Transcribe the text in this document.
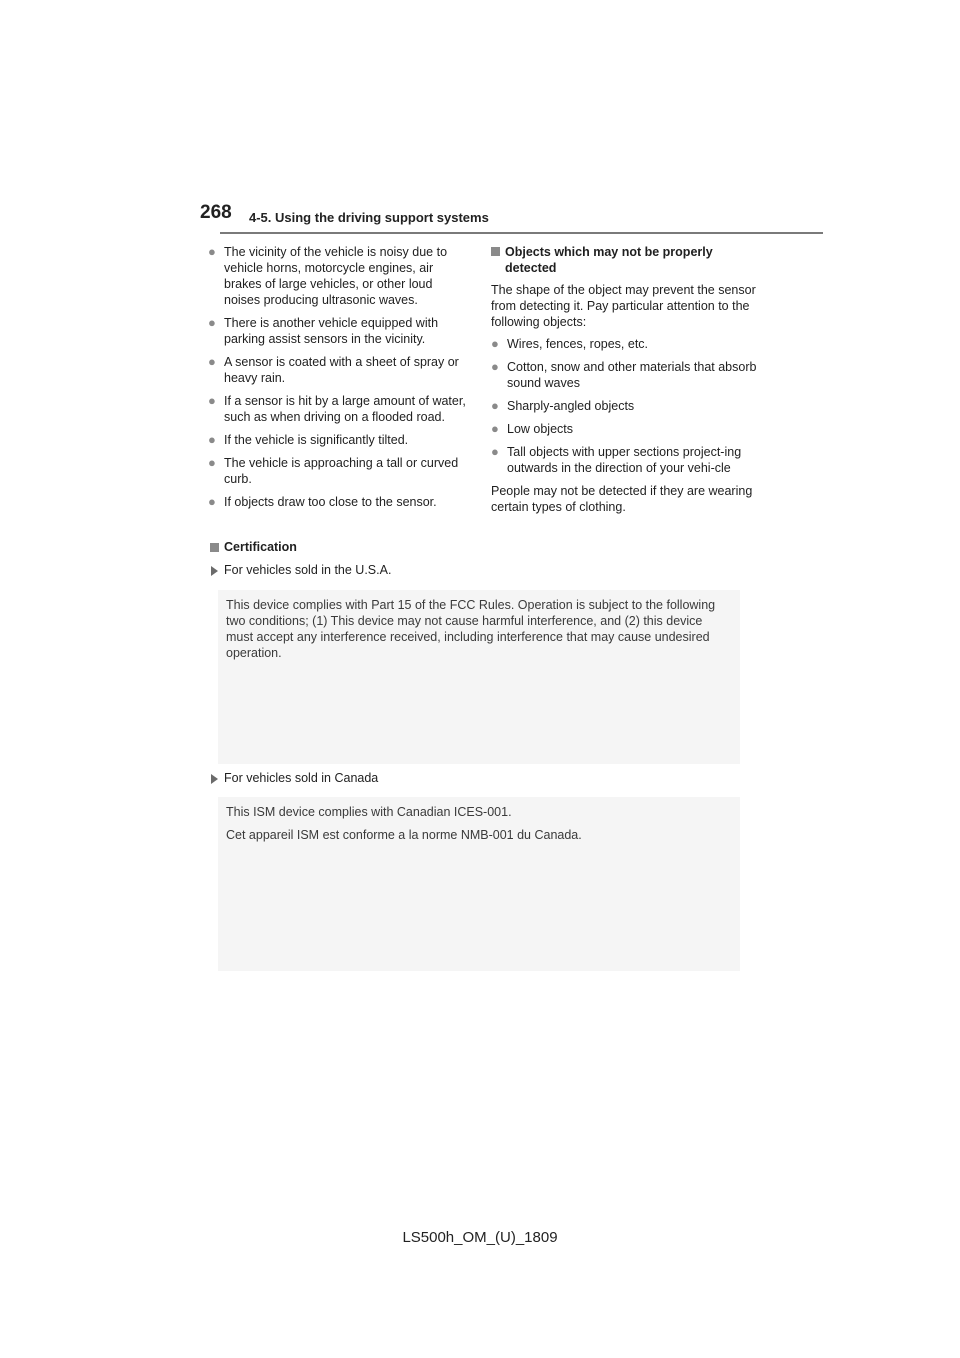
268 4-5. Using the driving support systems
● The vicinity of the vehicle is noisy due to vehicle horns, motorcycle engines, air brakes of large vehicles, or other loud noises producing ultrasonic waves.
● There is another vehicle equipped with parking assist sensors in the vicinity.
● A sensor is coated with a sheet of spray or heavy rain.
● If a sensor is hit by a large amount of water, such as when driving on a flooded road.
● If the vehicle is significantly tilted.
● The vehicle is approaching a tall or curved curb.
● If objects draw too close to the sensor.
Objects which may not be properly detected
The shape of the object may prevent the sensor from detecting it. Pay particular attention to the following objects:
● Wires, fences, ropes, etc.
● Cotton, snow and other materials that absorb sound waves
● Sharply-angled objects
● Low objects
● Tall objects with upper sections project-ing outwards in the direction of your vehi-cle
People may not be detected if they are wearing certain types of clothing.
Certification
For vehicles sold in the U.S.A.
This device complies with Part 15 of the FCC Rules. Operation is subject to the following two conditions; (1) This device may not cause harmful interference, and (2) this device must accept any interference received, including interference that may cause undesired operation.
For vehicles sold in Canada
This ISM device complies with Canadian ICES-001.
Cet appareil ISM est conforme a la norme NMB-001 du Canada.
LS500h_OM_(U)_1809
